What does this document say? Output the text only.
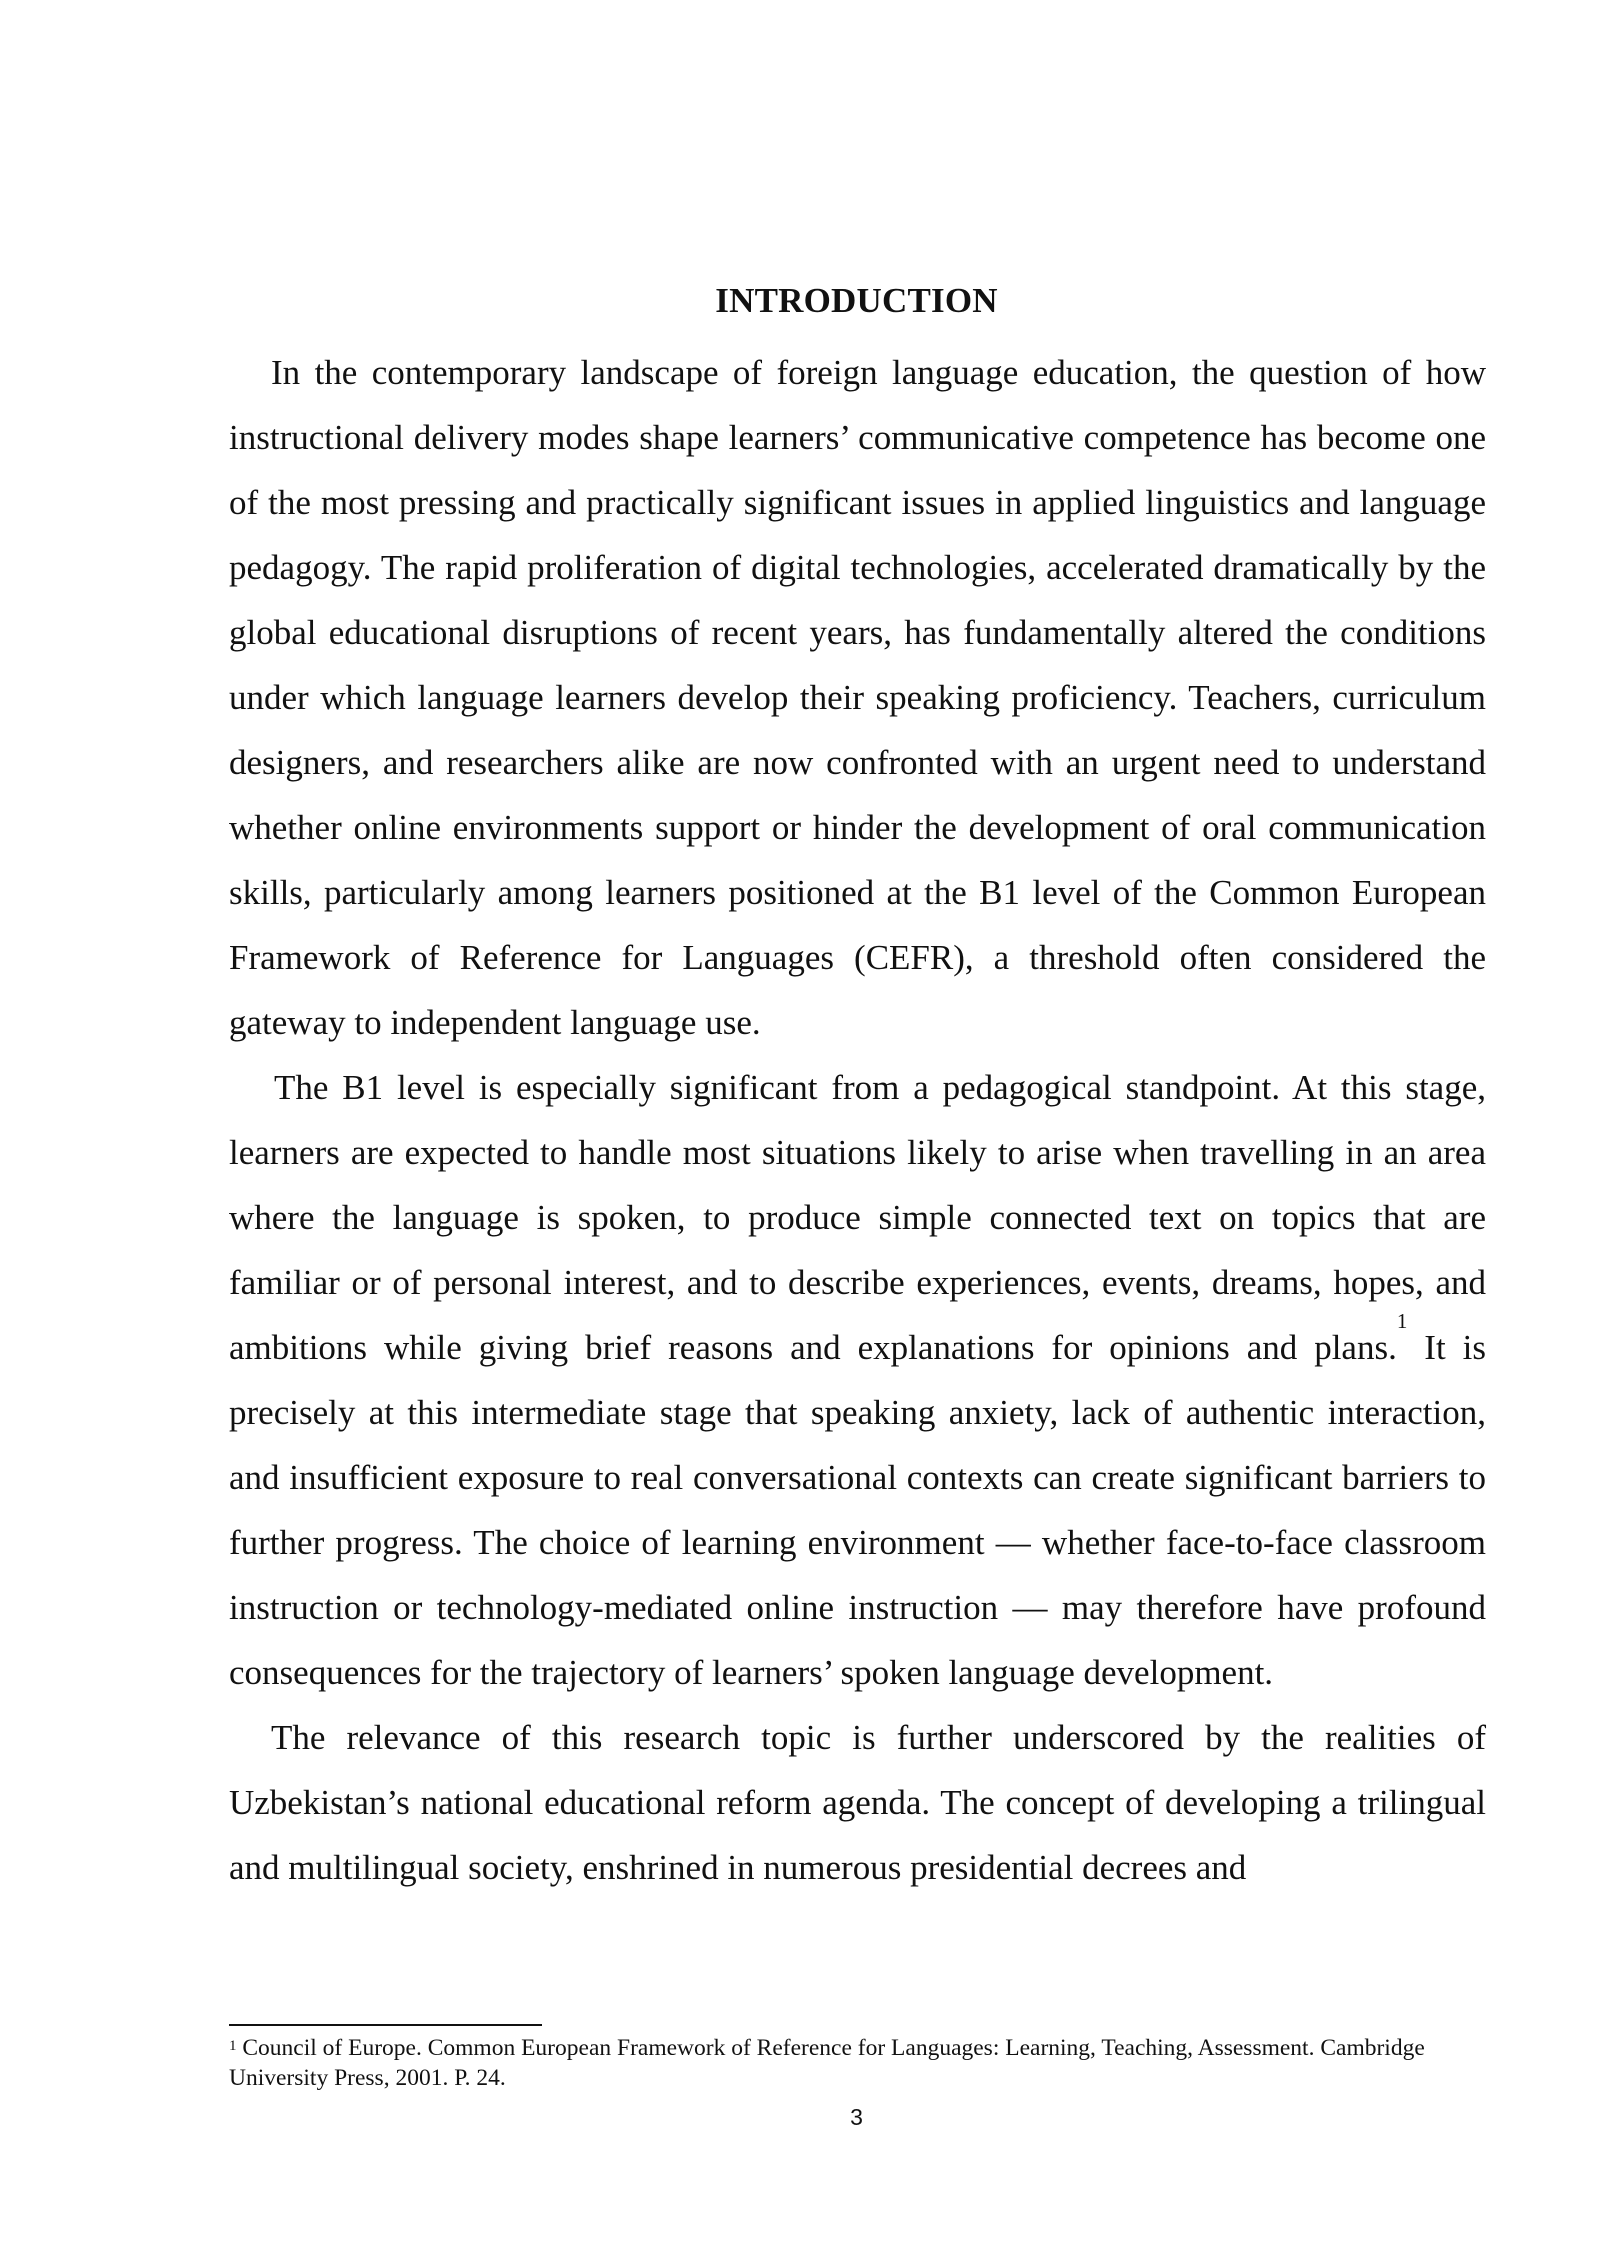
INTRODUCTION

In the contemporary landscape of foreign language education, the question of how instructional delivery modes shape learners’ communicative competence has become one of the most pressing and practically significant issues in applied linguistics and language pedagogy. The rapid proliferation of digital technologies, accelerated dramatically by the global educational disruptions of recent years, has fundamentally altered the conditions under which language learners develop their speaking proficiency. Teachers, curriculum designers, and researchers alike are now confronted with an urgent need to understand whether online environments support or hinder the development of oral communication skills, particularly among learners positioned at the B1 level of the Common European Framework of Reference for Languages (CEFR), a threshold often considered the gateway to independent language use.

The B1 level is especially significant from a pedagogical standpoint. At this stage, learners are expected to handle most situations likely to arise when travelling in an area where the language is spoken, to produce simple connected text on topics that are familiar or of personal interest, and to describe experiences, events, dreams, hopes, and ambitions while giving brief reasons and explanations for opinions and plans.$^1$ It is precisely at this intermediate stage that speaking anxiety, lack of authentic interaction, and insufficient exposure to real conversational contexts can create significant barriers to further progress. The choice of learning environment — whether face-to-face classroom instruction or technology-mediated online instruction — may therefore have profound consequences for the trajectory of learners’ spoken language development.

The relevance of this research topic is further underscored by the realities of Uzbekistan’s national educational reform agenda. The concept of developing a trilingual and multilingual society, enshrined in numerous presidential decrees and

$^1$ Council of Europe. Common European Framework of Reference for Languages: Learning, Teaching, Assessment. Cambridge University Press, 2001. P. 24.
3
